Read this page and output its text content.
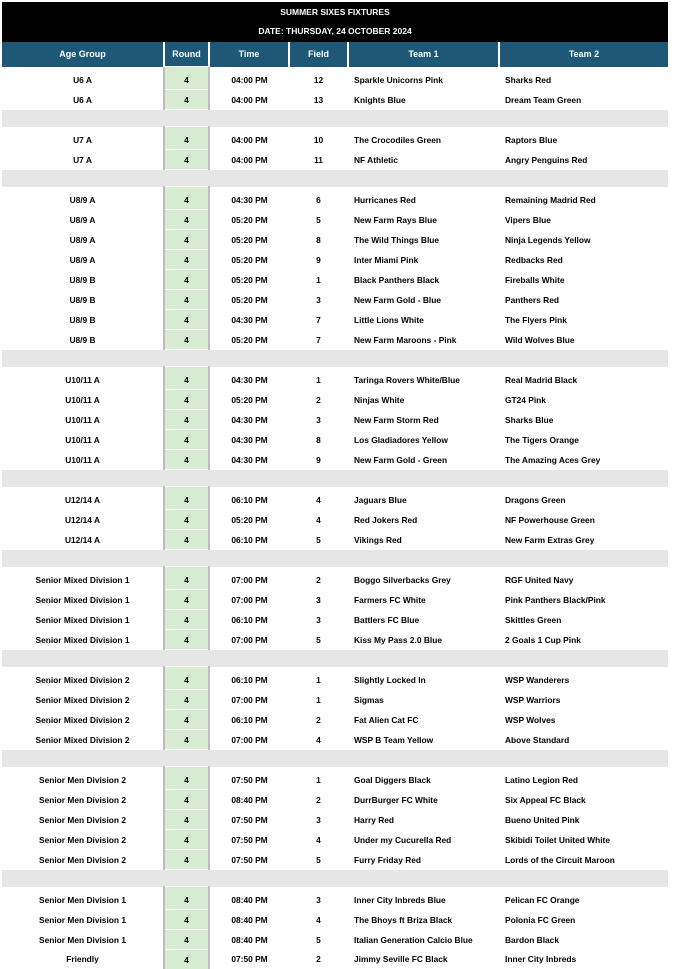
SUMMER SIXES FIXTURES
DATE: THURSDAY, 24 OCTOBER 2024
Age Group	Round	Time	Field	Team 1	Team 2
U6 A	4	04:00 PM	12	Sparkle Unicorns Pink	Sharks Red
U6 A	4	04:00 PM	13	Knights Blue	Dream Team Green

U7 A	4	04:00 PM	10	The Crocodiles Green	Raptors Blue
U7 A	4	04:00 PM	11	NF Athletic	Angry Penguins Red

U8/9 A	4	04:30 PM	6	Hurricanes Red	Remaining Madrid Red
U8/9 A	4	05:20 PM	5	New Farm Rays Blue	Vipers Blue
U8/9 A	4	05:20 PM	8	The Wild Things Blue	Ninja Legends Yellow
U8/9 A	4	05:20 PM	9	Inter Miami Pink	Redbacks Red
U8/9 B	4	05:20 PM	1	Black Panthers Black	Fireballs White
U8/9 B	4	05:20 PM	3	New Farm Gold - Blue	Panthers Red
U8/9 B	4	04:30 PM	7	Little Lions White	The Flyers Pink
U8/9 B	4	05:20 PM	7	New Farm Maroons - Pink	Wild Wolves Blue

U10/11 A	4	04:30 PM	1	Taringa Rovers White/Blue	Real Madrid Black
U10/11 A	4	05:20 PM	2	Ninjas White	GT24 Pink
U10/11 A	4	04:30 PM	3	New Farm Storm Red	Sharks Blue
U10/11 A	4	04:30 PM	8	Los Gladiadores Yellow	The Tigers Orange
U10/11 A	4	04:30 PM	9	New Farm Gold - Green	The Amazing Aces Grey

U12/14 A	4	06:10 PM	4	Jaguars Blue	Dragons Green
U12/14 A	4	05:20 PM	4	Red Jokers Red	NF Powerhouse Green
U12/14 A	4	06:10 PM	5	Vikings Red	New Farm Extras Grey

Senior Mixed Division 1	4	07:00 PM	2	Boggo Silverbacks Grey	RGF United Navy
Senior Mixed Division 1	4	07:00 PM	3	Farmers FC White	Pink Panthers Black/Pink
Senior Mixed Division 1	4	06:10 PM	3	Battlers FC Blue	Skittles Green
Senior Mixed Division 1	4	07:00 PM	5	Kiss My Pass 2.0 Blue	2 Goals 1 Cup Pink

Senior Mixed Division 2	4	06:10 PM	1	Slightly Locked In	WSP Wanderers
Senior Mixed Division 2	4	07:00 PM	1	Sigmas	WSP Warriors
Senior Mixed Division 2	4	06:10 PM	2	Fat Alien Cat FC	WSP Wolves
Senior Mixed Division 2	4	07:00 PM	4	WSP B Team Yellow	Above Standard

Senior Men Division 2	4	07:50 PM	1	Goal Diggers Black	Latino Legion Red
Senior Men Division 2	4	08:40 PM	2	DurrBurger FC White	Six Appeal FC Black
Senior Men Division 2	4	07:50 PM	3	Harry Red	Bueno United Pink
Senior Men Division 2	4	07:50 PM	4	Under my Cucurella Red	Skibidi Toilet United White
Senior Men Division 2	4	07:50 PM	5	Furry Friday Red	Lords of the Circuit Maroon

Senior Men Division 1	4	08:40 PM	3	Inner City Inbreds Blue	Pelican FC Orange
Senior Men Division 1	4	08:40 PM	4	The Bhoys ft Briza Black	Polonia FC Green
Senior Men Division 1	4	08:40 PM	5	Italian Generation Calcio Blue	Bardon Black
Friendly	4	07:50 PM	2	Jimmy Seville FC Black	Inner City Inbreds
